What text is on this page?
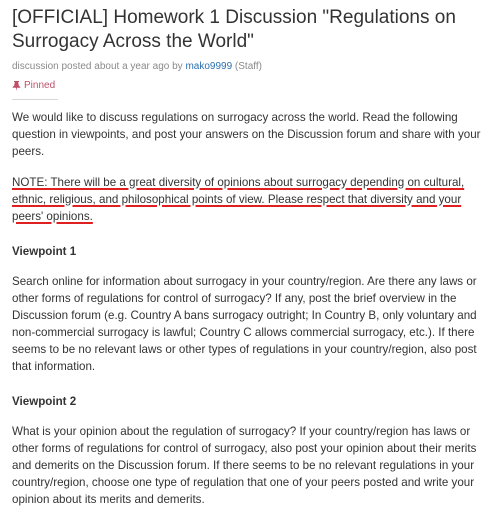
[OFFICIAL] Homework 1 Discussion "Regulations on Surrogacy Across the World"
discussion posted about a year ago by mako9999 (Staff)
Pinned

We would like to discuss regulations on surrogacy across the world. Read the following question in viewpoints, and post your answers on the Discussion forum and share with your peers.

NOTE: There will be a great diversity of opinions about surrogacy depending on cultural, ethnic, religious, and philosophical points of view. Please respect that diversity and your peers' opinions.

Viewpoint 1

Search online for information about surrogacy in your country/region. Are there any laws or other forms of regulations for control of surrogacy? If any, post the brief overview in the Discussion forum (e.g. Country A bans surrogacy outright; In Country B, only voluntary and non-commercial surrogacy is lawful; Country C allows commercial surrogacy, etc.). If there seems to be no relevant laws or other types of regulations in your country/region, also post that information.

Viewpoint 2

What is your opinion about the regulation of surrogacy? If your country/region has laws or other forms of regulations for control of surrogacy, also post your opinion about their merits and demerits on the Discussion forum. If there seems to be no relevant regulations in your country/region, choose one type of regulation that one of your peers posted and write your opinion about its merits and demerits.
